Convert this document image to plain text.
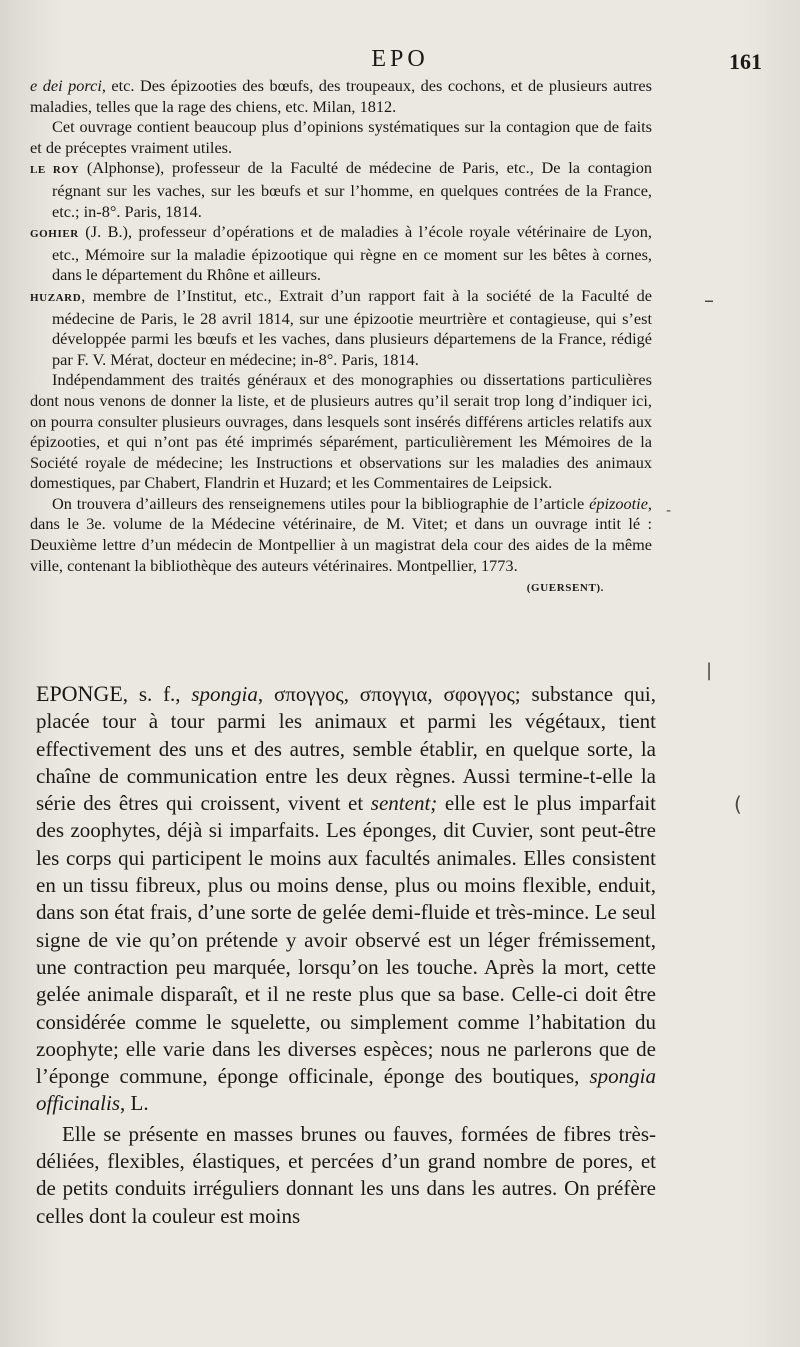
EPO	161

e dei porci, etc. Des épizooties des bœufs, des troupeaux, des cochons, et de plusieurs autres maladies, telles que la rage des chiens, etc. Milan, 1812.

Cet ouvrage contient beaucoup plus d’opinions systématiques sur la contagion que de faits et de préceptes vraiment utiles.

LE ROY (Alphonse), professeur de la Faculté de médecine de Paris, etc., De la contagion régnant sur les vaches, sur les bœufs et sur l’homme, en quelques contrées de la France, etc.; in-8°. Paris, 1814.

GOHIER (J. B.), professeur d’opérations et de maladies à l’école royale vétérinaire de Lyon, etc., Mémoire sur la maladie épizootique qui règne en ce moment sur les bêtes à cornes, dans le département du Rhône et ailleurs.

HUZARD, membre de l’Institut, etc., Extrait d’un rapport fait à la société de la Faculté de médecine de Paris, le 28 avril 1814, sur une épizootie meurtrière et contagieuse, qui s’est développée parmi les bœufs et les vaches, dans plusieurs départemens de la France, rédigé par F. V. Mérat, docteur en médecine; in-8°. Paris, 1814.

Indépendamment des traités généraux et des monographies ou dissertations particulières dont nous venons de donner la liste, et de plusieurs autres qu’il serait trop long d’indiquer ici, on pourra consulter plusieurs ouvrages, dans lesquels sont insérés différens articles relatifs aux épizooties, et qui n’ont pas été imprimés séparément, particulièrement les Mémoires de la Société royale de médecine; les Instructions et observations sur les maladies des animaux domestiques, par Chabert, Flandrin et Huzard; et les Commentaires de Leipsick.

On trouvera d’ailleurs des renseignemens utiles pour la bibliographie de l’article épizootie, dans le 3e. volume de la Médecine vétérinaire, de M. Vitet; et dans un ouvrage intit lé : Deuxième lettre d’un médecin de Montpellier à un magistrat dela cour des aides de la même ville, contenant la bibliothèque des auteurs vétérinaires. Montpellier, 1773.

(GUERSENT).

EPONGE, s. f., spongia, σπογγος, σπογγια, σφογγος; substance qui, placée tour à tour parmi les animaux et parmi les végétaux, tient effectivement des uns et des autres, semble établir, en quelque sorte, la chaîne de communication entre les deux règnes. Aussi termine-t-elle la série des êtres qui croissent, vivent et sentent; elle est le plus imparfait des zoophytes, déjà si imparfaits. Les éponges, dit Cuvier, sont peut-être les corps qui participent le moins aux facultés animales. Elles consistent en un tissu fibreux, plus ou moins dense, plus ou moins flexible, enduit, dans son état frais, d’une sorte de gelée demi-fluide et très-mince. Le seul signe de vie qu’on prétende y avoir observé est un léger frémissement, une contraction peu marquée, lorsqu’on les touche. Après la mort, cette gelée animale disparaît, et il ne reste plus que sa base. Celle-ci doit être considérée comme le squelette, ou simplement comme l’habitation du zoophyte; elle varie dans les diverses espèces; nous ne parlerons que de l’éponge commune, éponge officinale, éponge des boutiques, spongia officinalis, L.

Elle se présente en masses brunes ou fauves, formées de fibres très-déliées, flexibles, élastiques, et percées d’un grand nombre de pores, et de petits conduits irréguliers donnant les uns dans les autres. On préfère celles dont la couleur est moins

–
-
|
(
